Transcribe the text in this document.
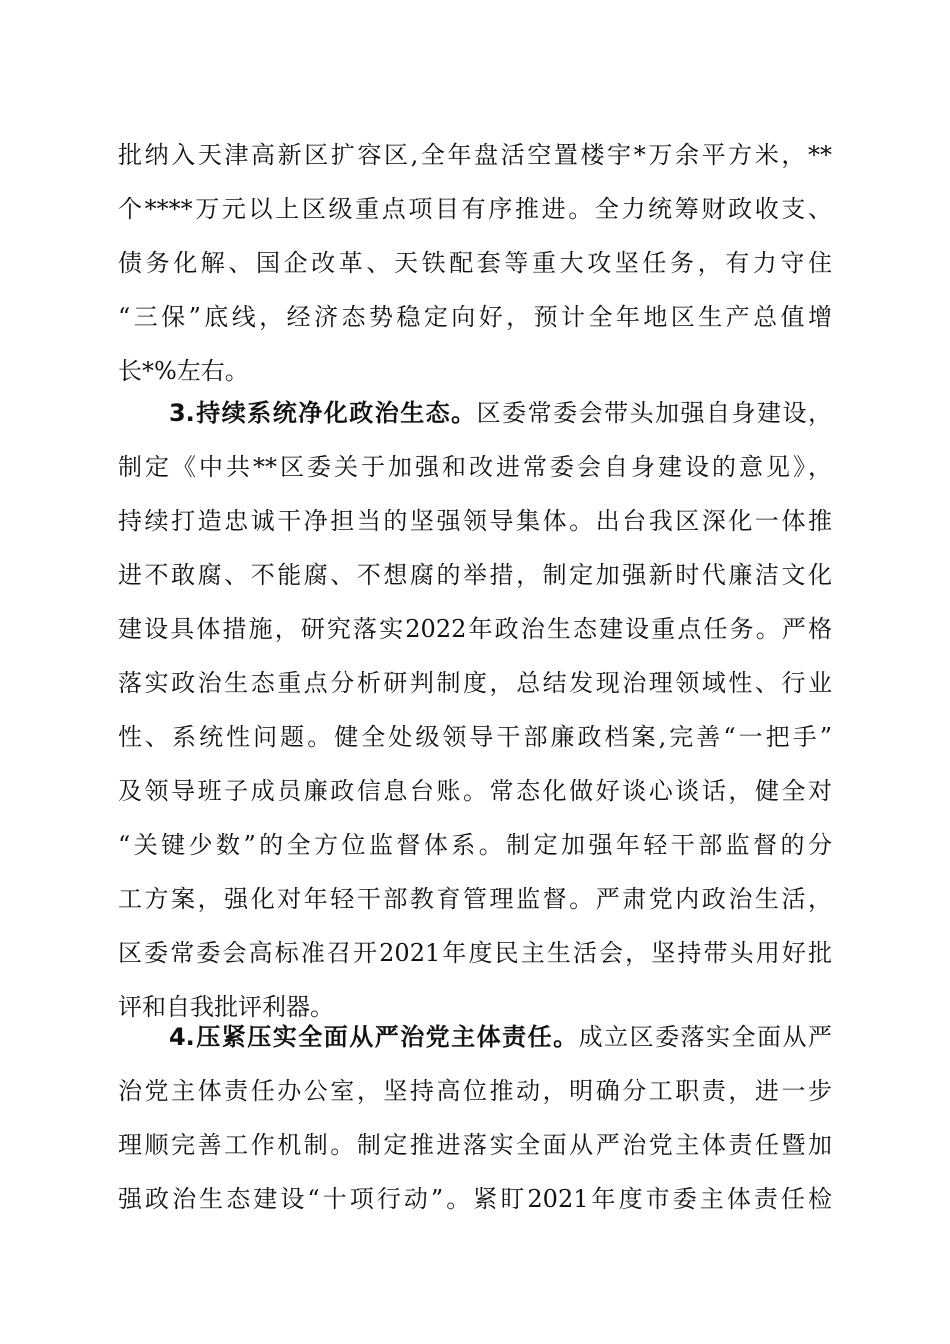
批纳入天津高新区扩容区,全年盘活空置楼宇*万余平方米，**
个****万元以上区级重点项目有序推进。全力统筹财政收支、
债务化解、国企改革、天铁配套等重大攻坚任务，有力守住
“三保”底线，经济态势稳定向好，预计全年地区生产总值增
长*%左右。
　　3.持续系统净化政治生态。区委常委会带头加强自身建设，
制定《中共**区委关于加强和改进常委会自身建设的意见》，
持续打造忠诚干净担当的坚强领导集体。出台我区深化一体推
进不敢腐、不能腐、不想腐的举措，制定加强新时代廉洁文化
建设具体措施，研究落实2022年政治生态建设重点任务。严格
落实政治生态重点分析研判制度，总结发现治理领域性、行业
性、系统性问题。健全处级领导干部廉政档案,完善“一把手”
及领导班子成员廉政信息台账。常态化做好谈心谈话，健全对
“关键少数”的全方位监督体系。制定加强年轻干部监督的分
工方案，强化对年轻干部教育管理监督。严肃党内政治生活，
区委常委会高标准召开2021年度民主生活会，坚持带头用好批
评和自我批评利器。
　　4.压紧压实全面从严治党主体责任。成立区委落实全面从严
治党主体责任办公室，坚持高位推动，明确分工职责，进一步
理顺完善工作机制。制定推进落实全面从严治党主体责任暨加
强政治生态建设“十项行动”。紧盯2021年度市委主体责任检
